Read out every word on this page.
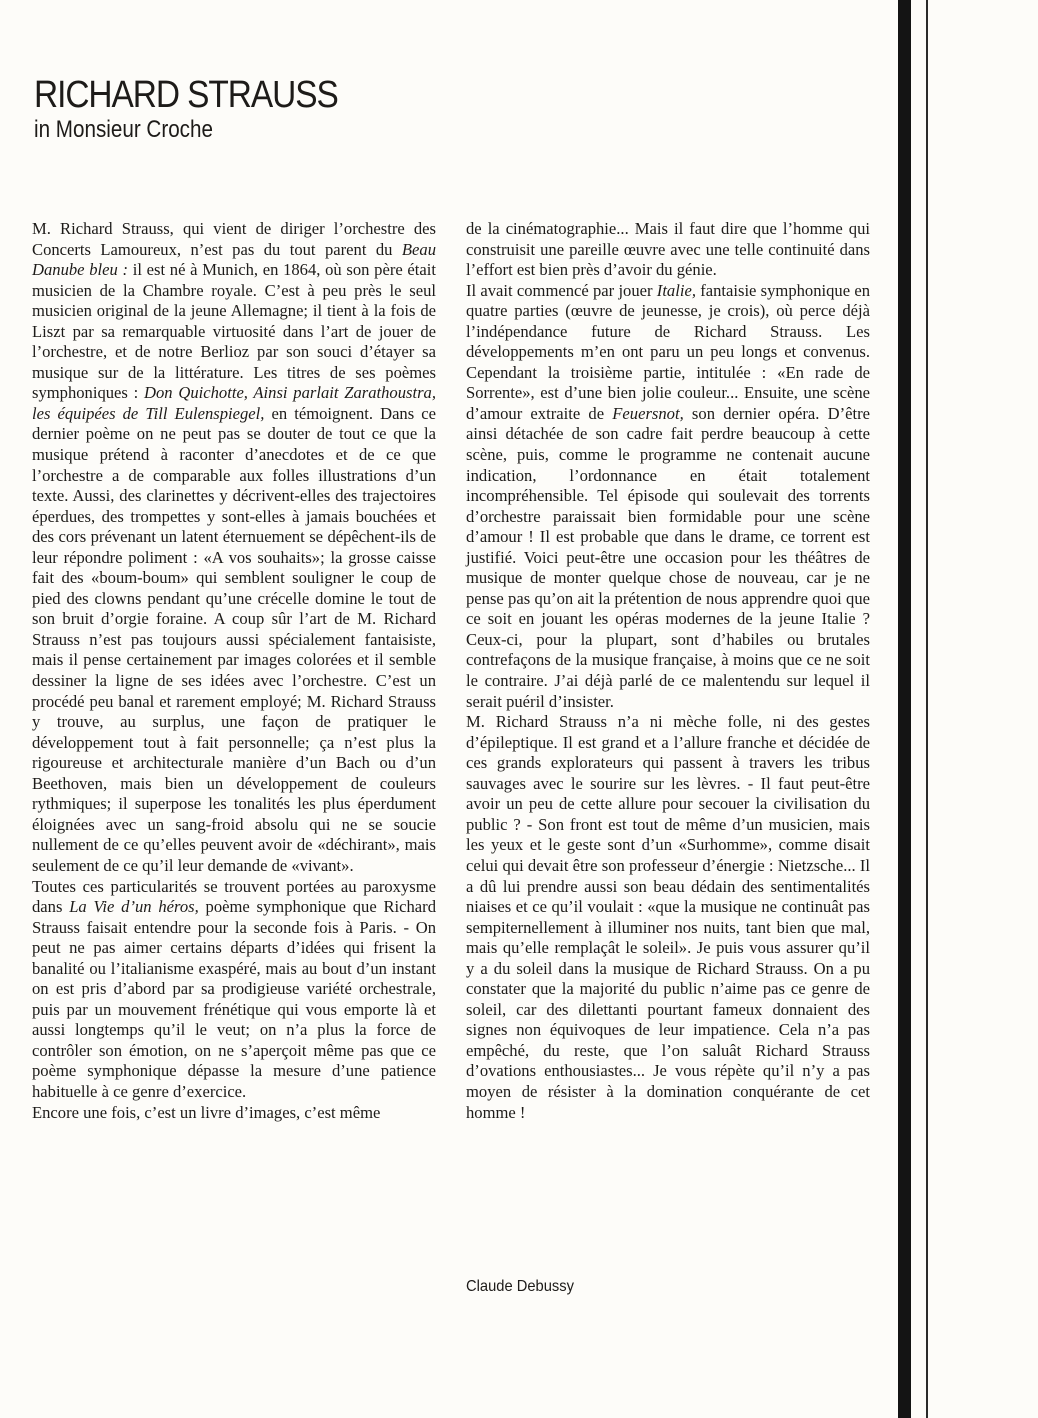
RICHARD STRAUSS
in Monsieur Croche

M. Richard Strauss, qui vient de diriger l’orchestre des Concerts Lamoureux, n’est pas du tout parent du Beau Danube bleu : il est né à Munich, en 1864, où son père était musicien de la Chambre royale. C’est à peu près le seul musicien original de la jeune Allemagne; il tient à la fois de Liszt par sa remarquable virtuosité dans l’art de jouer de l’orchestre, et de notre Berlioz par son souci d’étayer sa musique sur de la littérature. Les titres de ses poèmes symphoniques : Don Quichotte, Ainsi parlait Zarathoustra, les équipées de Till Eulenspiegel, en témoignent. Dans ce dernier poème on ne peut pas se douter de tout ce que la musique prétend à raconter d’anecdotes et de ce que l’orchestre a de comparable aux folles illustrations d’un texte. Aussi, des clarinettes y décrivent-elles des trajectoires éperdues, des trompettes y sont-elles à jamais bouchées et des cors prévenant un latent éternuement se dépêchent-ils de leur répondre poliment : «A vos souhaits»; la grosse caisse fait des «boum-boum» qui semblent souligner le coup de pied des clowns pendant qu’une crécelle domine le tout de son bruit d’orgie foraine. A coup sûr l’art de M. Richard Strauss n’est pas toujours aussi spécialement fantaisiste, mais il pense certainement par images colorées et il semble dessiner la ligne de ses idées avec l’orchestre. C’est un procédé peu banal et rarement employé; M. Richard Strauss y trouve, au surplus, une façon de pratiquer le développement tout à fait personnelle; ça n’est plus la rigoureuse et architecturale manière d’un Bach ou d’un Beethoven, mais bien un développement de couleurs rythmiques; il superpose les tonalités les plus éperdument éloignées avec un sang-froid absolu qui ne se soucie nullement de ce qu’elles peuvent avoir de «déchirant», mais seulement de ce qu’il leur demande de «vivant».

Toutes ces particularités se trouvent portées au paroxysme dans La Vie d’un héros, poème symphonique que Richard Strauss faisait entendre pour la seconde fois à Paris. - On peut ne pas aimer certains départs d’idées qui frisent la banalité ou l’italianisme exaspéré, mais au bout d’un instant on est pris d’abord par sa prodigieuse variété orchestrale, puis par un mouvement frénétique qui vous emporte là et aussi longtemps qu’il le veut; on n’a plus la force de contrôler son émotion, on ne s’aperçoit même pas que ce poème symphonique dépasse la mesure d’une patience habituelle à ce genre d’exercice.

Encore une fois, c’est un livre d’images, c’est même

de la cinématographie... Mais il faut dire que l’homme qui construisit une pareille œuvre avec une telle continuité dans l’effort est bien près d’avoir du génie.

Il avait commencé par jouer Italie, fantaisie symphonique en quatre parties (œuvre de jeunesse, je crois), où perce déjà l’indépendance future de Richard Strauss. Les développements m’en ont paru un peu longs et convenus. Cependant la troisième partie, intitulée : «En rade de Sorrente», est d’une bien jolie couleur... Ensuite, une scène d’amour extraite de Feuersnot, son dernier opéra. D’être ainsi détachée de son cadre fait perdre beaucoup à cette scène, puis, comme le programme ne contenait aucune indication, l’ordonnance en était totalement incompréhensible. Tel épisode qui soulevait des torrents d’orchestre paraissait bien formidable pour une scène d’amour ! Il est probable que dans le drame, ce torrent est justifié. Voici peut-être une occasion pour les théâtres de musique de monter quelque chose de nouveau, car je ne pense pas qu’on ait la prétention de nous apprendre quoi que ce soit en jouant les opéras modernes de la jeune Italie ? Ceux-ci, pour la plupart, sont d’habiles ou brutales contrefaçons de la musique française, à moins que ce ne soit le contraire. J’ai déjà parlé de ce malentendu sur lequel il serait puéril d’insister.

M. Richard Strauss n’a ni mèche folle, ni des gestes d’épileptique. Il est grand et a l’allure franche et décidée de ces grands explorateurs qui passent à travers les tribus sauvages avec le sourire sur les lèvres. - Il faut peut-être avoir un peu de cette allure pour secouer la civilisation du public ? - Son front est tout de même d’un musicien, mais les yeux et le geste sont d’un «Surhomme», comme disait celui qui devait être son professeur d’énergie : Nietzsche... Il a dû lui prendre aussi son beau dédain des sentimentalités niaises et ce qu’il voulait : «que la musique ne continuât pas sempiternellement à illuminer nos nuits, tant bien que mal, mais qu’elle remplaçât le soleil». Je puis vous assurer qu’il y a du soleil dans la musique de Richard Strauss. On a pu constater que la majorité du public n’aime pas ce genre de soleil, car des dilettanti pourtant fameux donnaient des signes non équivoques de leur impatience. Cela n’a pas empêché, du reste, que l’on saluât Richard Strauss d’ovations enthousiastes... Je vous répète qu’il n’y a pas moyen de résister à la domination conquérante de cet homme !

Claude Debussy
